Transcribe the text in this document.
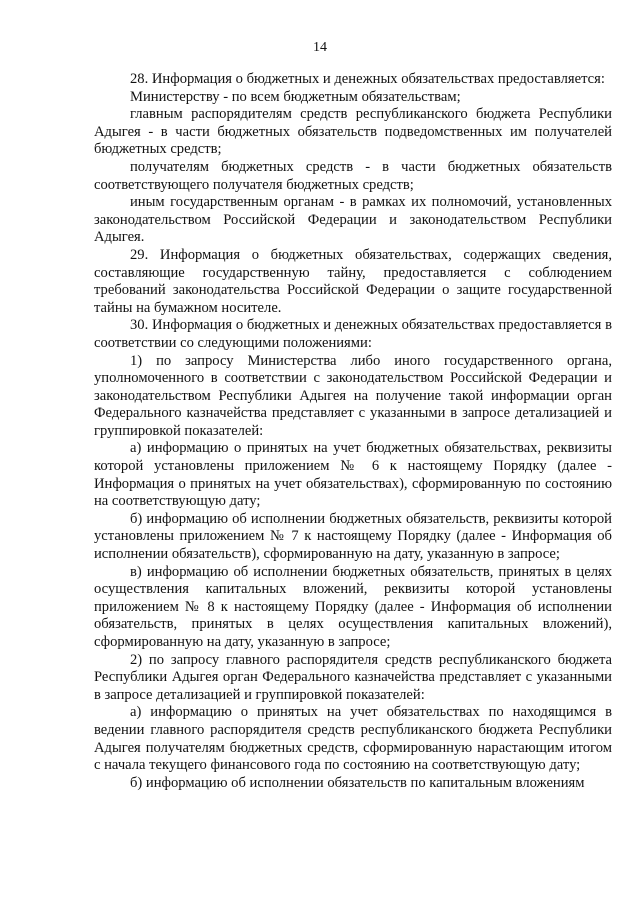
14

28. Информация о бюджетных и денежных обязательствах предоставляется:

Министерству - по всем бюджетным обязательствам;

главным распорядителям средств республиканского бюджета Республики Адыгея - в части бюджетных обязательств подведомственных им получателей бюджетных средств;

получателям бюджетных средств - в части бюджетных обязательств соответствующего получателя бюджетных средств;

иным государственным органам - в рамках их полномочий, установленных законодательством Российской Федерации и законодательством Республики Адыгея.

29. Информация о бюджетных обязательствах, содержащих сведения, составляющие государственную тайну, предоставляется с соблюдением требований законодательства Российской Федерации о защите государственной тайны на бумажном носителе.

30. Информация о бюджетных и денежных обязательствах предоставляется в соответствии со следующими положениями:

1) по запросу Министерства либо иного государственного органа, уполномоченного в соответствии с законодательством Российской Федерации и законодательством Республики Адыгея на получение такой информации орган Федерального казначейства представляет с указанными в запросе детализацией и группировкой показателей:

а) информацию о принятых на учет бюджетных обязательствах, реквизиты которой установлены приложением № 6 к настоящему Порядку (далее - Информация о принятых на учет обязательствах), сформированную по состоянию на соответствующую дату;

б) информацию об исполнении бюджетных обязательств, реквизиты которой установлены приложением № 7 к настоящему Порядку (далее - Информация об исполнении обязательств), сформированную на дату, указанную в запросе;

в) информацию об исполнении бюджетных обязательств, принятых в целях осуществления капитальных вложений, реквизиты которой установлены приложением № 8 к настоящему Порядку (далее - Информация об исполнении обязательств, принятых в целях осуществления капитальных вложений), сформированную на дату, указанную в запросе;

2) по запросу главного распорядителя средств республиканского бюджета Республики Адыгея орган Федерального казначейства представляет с указанными в запросе детализацией и группировкой показателей:

а) информацию о принятых на учет обязательствах по находящимся в ведении главного распорядителя средств республиканского бюджета Республики Адыгея получателям бюджетных средств, сформированную нарастающим итогом с начала текущего финансового года по состоянию на соответствующую дату;

б) информацию об исполнении обязательств по капитальным вложениям
